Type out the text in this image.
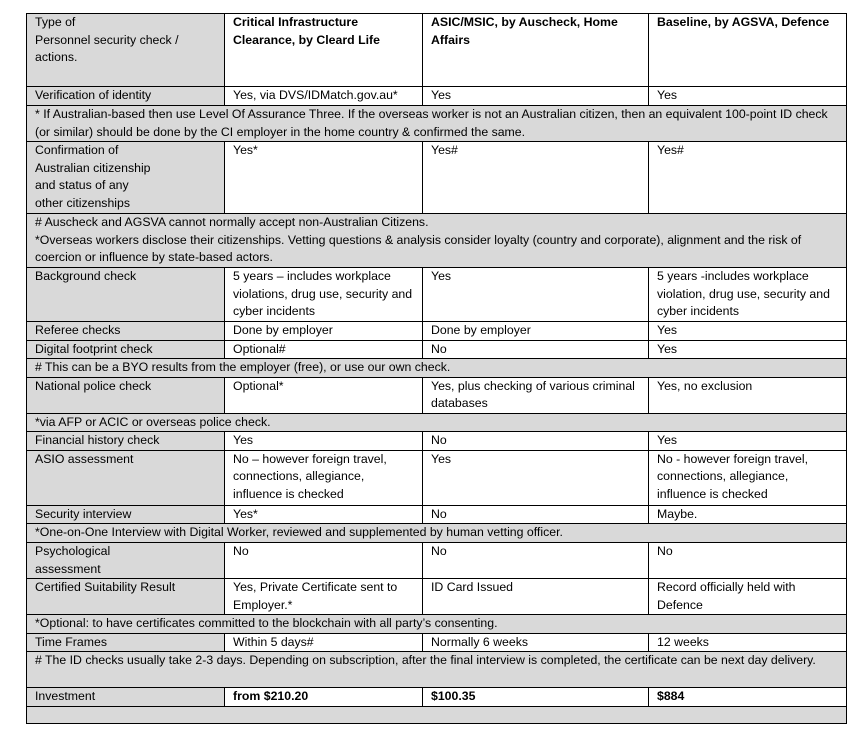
Type of
Personnel security check /
actions.	Critical Infrastructure Clearance, by Cleard Life	ASIC/MSIC, by Auscheck, Home Affairs	Baseline, by AGSVA, Defence
Verification of identity	Yes, via DVS/IDMatch.gov.au*	Yes	Yes
* If Australian-based then use Level Of Assurance Three. If the overseas worker is not an Australian citizen, then an equivalent 100-point ID check (or similar) should be done by the CI employer in the home country & confirmed the same.			
Confirmation of
Australian citizenship
and status of any
other citizenships	Yes*	Yes#	Yes#
# Auscheck and AGSVA cannot normally accept non-Australian Citizens.
*Overseas workers disclose their citizenships. Vetting questions & analysis consider loyalty (country and corporate), alignment and the risk of coercion or influence by state-based actors.			
Background check	5 years – includes workplace violations, drug use, security and cyber incidents	Yes	5 years -includes workplace violation, drug use, security and cyber incidents
Referee checks	Done by employer	Done by employer	Yes
Digital footprint check	Optional#	No	Yes
# This can be a BYO results from the employer (free), or use our own check.			
National police check	Optional*	Yes, plus checking of various criminal databases	Yes, no exclusion
*via AFP or ACIC or overseas police check.			
Financial history check	Yes	No	Yes
ASIO assessment	No – however foreign travel, connections, allegiance, influence is checked	Yes	No - however foreign travel, connections, allegiance, influence is checked
Security interview	Yes*	No	Maybe.
*One-on-One Interview with Digital Worker, reviewed and supplemented by human vetting officer.			
Psychological
assessment	No	No	No
Certified Suitability Result	Yes, Private Certificate sent to Employer.*	ID Card Issued	Record officially held with Defence
*Optional: to have certificates committed to the blockchain with all party’s consenting.			
Time Frames	Within 5 days#	Normally 6 weeks	12 weeks
# The ID checks usually take 2-3 days. Depending on subscription, after the final interview is completed, the certificate can be next day delivery.			
Investment	from $210.20	$100.35	$884
